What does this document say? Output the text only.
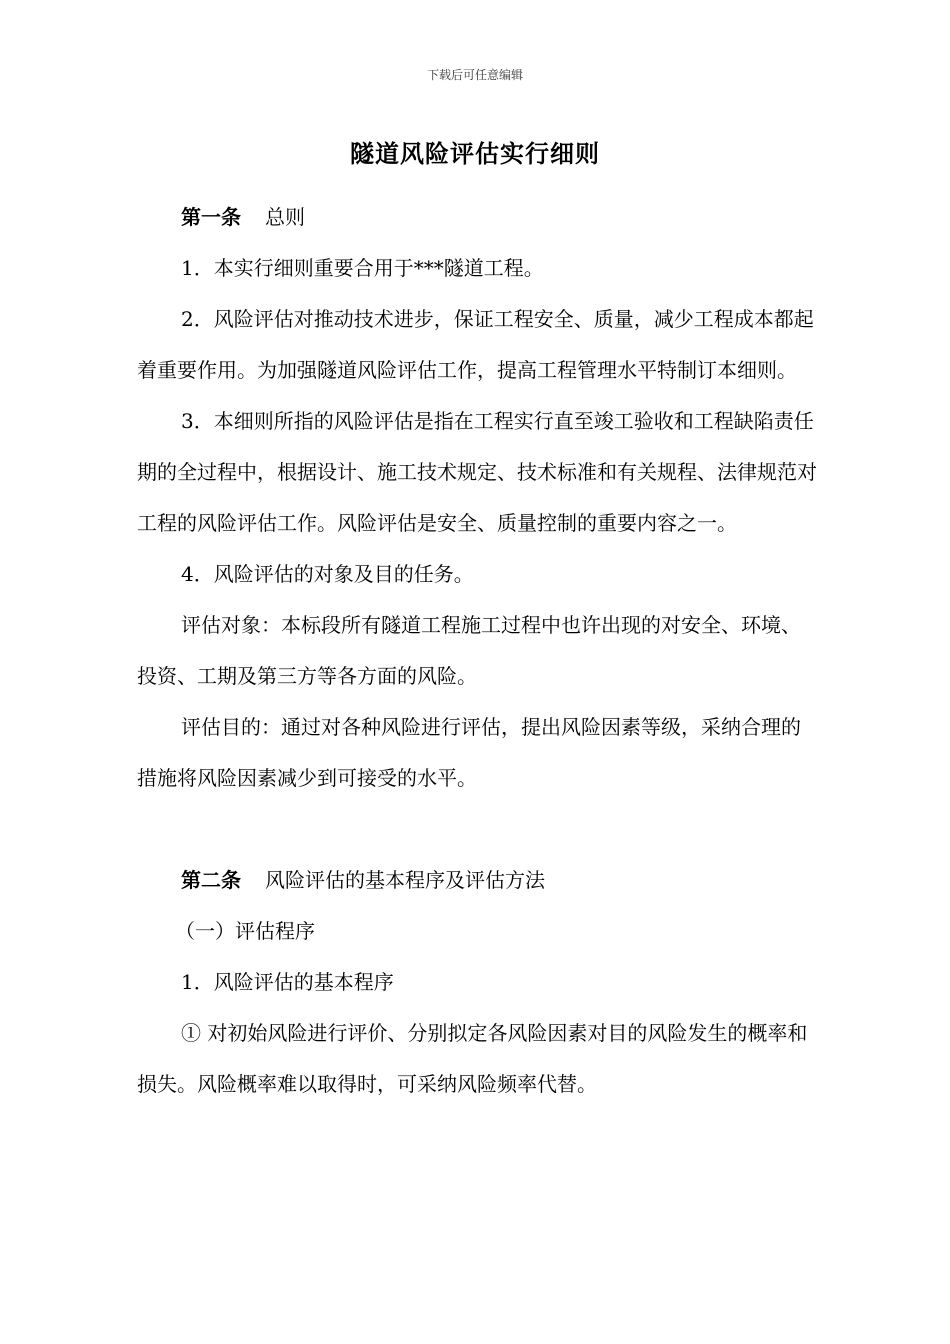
下载后可任意编辑
隧道风险评估实行细则

第一条 总则

1．本实行细则重要合用于***隧道工程。

2．风险评估对推动技术进步，保证工程安全、质量，减少工程成本都起着重要作用。为加强隧道风险评估工作，提高工程管理水平特制订本细则。

3．本细则所指的风险评估是指在工程实行直至竣工验收和工程缺陷责任期的全过程中，根据设计、施工技术规定、技术标准和有关规程、法律规范对工程的风险评估工作。风险评估是安全、质量控制的重要内容之一。

4．风险评估的对象及目的任务。

评估对象：本标段所有隧道工程施工过程中也许出现的对安全、环境、投资、工期及第三方等各方面的风险。

评估目的：通过对各种风险进行评估，提出风险因素等级，采纳合理的措施将风险因素减少到可接受的水平。

第二条 风险评估的基本程序及评估方法

（一）评估程序

1．风险评估的基本程序

① 对初始风险进行评价、分别拟定各风险因素对目的风险发生的概率和损失。风险概率难以取得时，可采纳风险频率代替。
